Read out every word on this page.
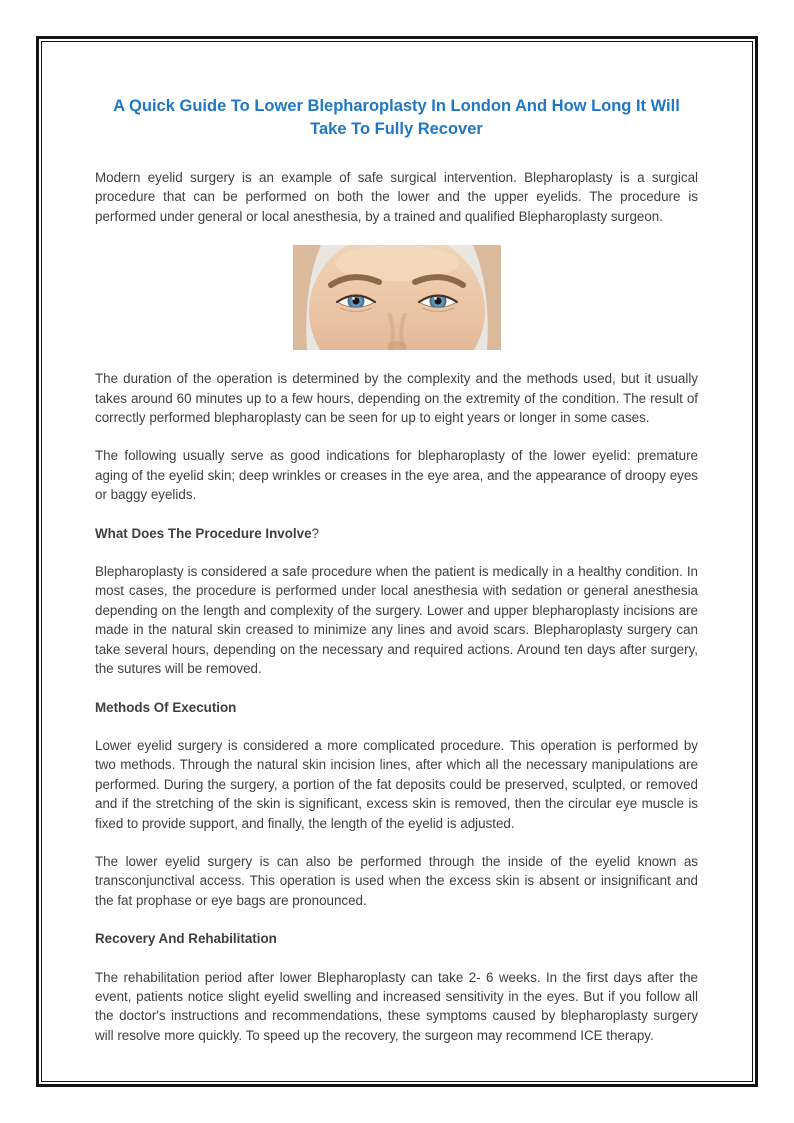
A Quick Guide To Lower Blepharoplasty In London And How Long It Will Take To Fully Recover

Modern eyelid surgery is an example of safe surgical intervention. Blepharoplasty is a surgical procedure that can be performed on both the lower and the upper eyelids. The procedure is performed under general or local anesthesia, by a trained and qualified Blepharoplasty surgeon.

The duration of the operation is determined by the complexity and the methods used, but it usually takes around 60 minutes up to a few hours, depending on the extremity of the condition. The result of correctly performed blepharoplasty can be seen for up to eight years or longer in some cases.

The following usually serve as good indications for blepharoplasty of the lower eyelid: premature aging of the eyelid skin; deep wrinkles or creases in the eye area, and the appearance of droopy eyes or baggy eyelids.

What Does The Procedure Involve?

Blepharoplasty is considered a safe procedure when the patient is medically in a healthy condition. In most cases, the procedure is performed under local anesthesia with sedation or general anesthesia depending on the length and complexity of the surgery. Lower and upper blepharoplasty incisions are made in the natural skin creased to minimize any lines and avoid scars. Blepharoplasty surgery can take several hours, depending on the necessary and required actions. Around ten days after surgery, the sutures will be removed.

Methods Of Execution

Lower eyelid surgery is considered a more complicated procedure. This operation is performed by two methods. Through the natural skin incision lines, after which all the necessary manipulations are performed. During the surgery, a portion of the fat deposits could be preserved, sculpted, or removed and if the stretching of the skin is significant, excess skin is removed, then the circular eye muscle is fixed to provide support, and finally, the length of the eyelid is adjusted.

The lower eyelid surgery is can also be performed through the inside of the eyelid known as transconjunctival access. This operation is used when the excess skin is absent or insignificant and the fat prophase or eye bags are pronounced.

Recovery And Rehabilitation

The rehabilitation period after lower Blepharoplasty can take 2- 6 weeks. In the first days after the event, patients notice slight eyelid swelling and increased sensitivity in the eyes. But if you follow all the doctor's instructions and recommendations, these symptoms caused by blepharoplasty surgery will resolve more quickly. To speed up the recovery, the surgeon may recommend ICE therapy.
